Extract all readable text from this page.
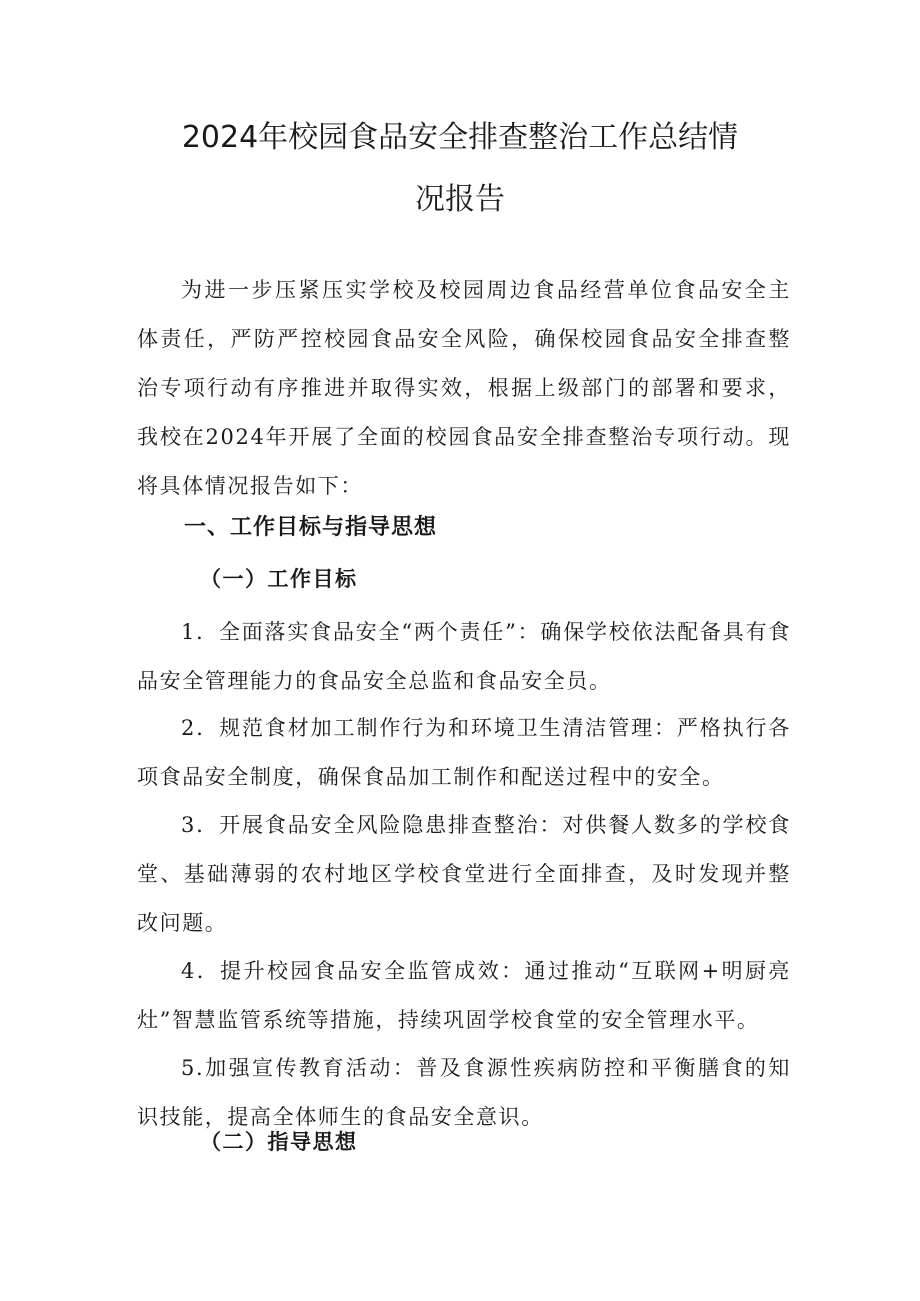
2024年校园食品安全排查整治工作总结情
况报告

为进一步压紧压实学校及校园周边食品经营单位食品安全主体责任，严防严控校园食品安全风险，确保校园食品安全排查整治专项行动有序推进并取得实效，根据上级部门的部署和要求，我校在2024年开展了全面的校园食品安全排查整治专项行动。现将具体情况报告如下：

一、工作目标与指导思想
（一）工作目标

1．全面落实食品安全“两个责任”：确保学校依法配备具有食品安全管理能力的食品安全总监和食品安全员。

2．规范食材加工制作行为和环境卫生清洁管理：严格执行各项食品安全制度，确保食品加工制作和配送过程中的安全。

3．开展食品安全风险隐患排查整治：对供餐人数多的学校食堂、基础薄弱的农村地区学校食堂进行全面排查，及时发现并整改问题。

4．提升校园食品安全监管成效：通过推动“互联网+明厨亮灶”智慧监管系统等措施，持续巩固学校食堂的安全管理水平。

5.加强宣传教育活动：普及食源性疾病防控和平衡膳食的知识技能，提高全体师生的食品安全意识。

（二）指导思想
